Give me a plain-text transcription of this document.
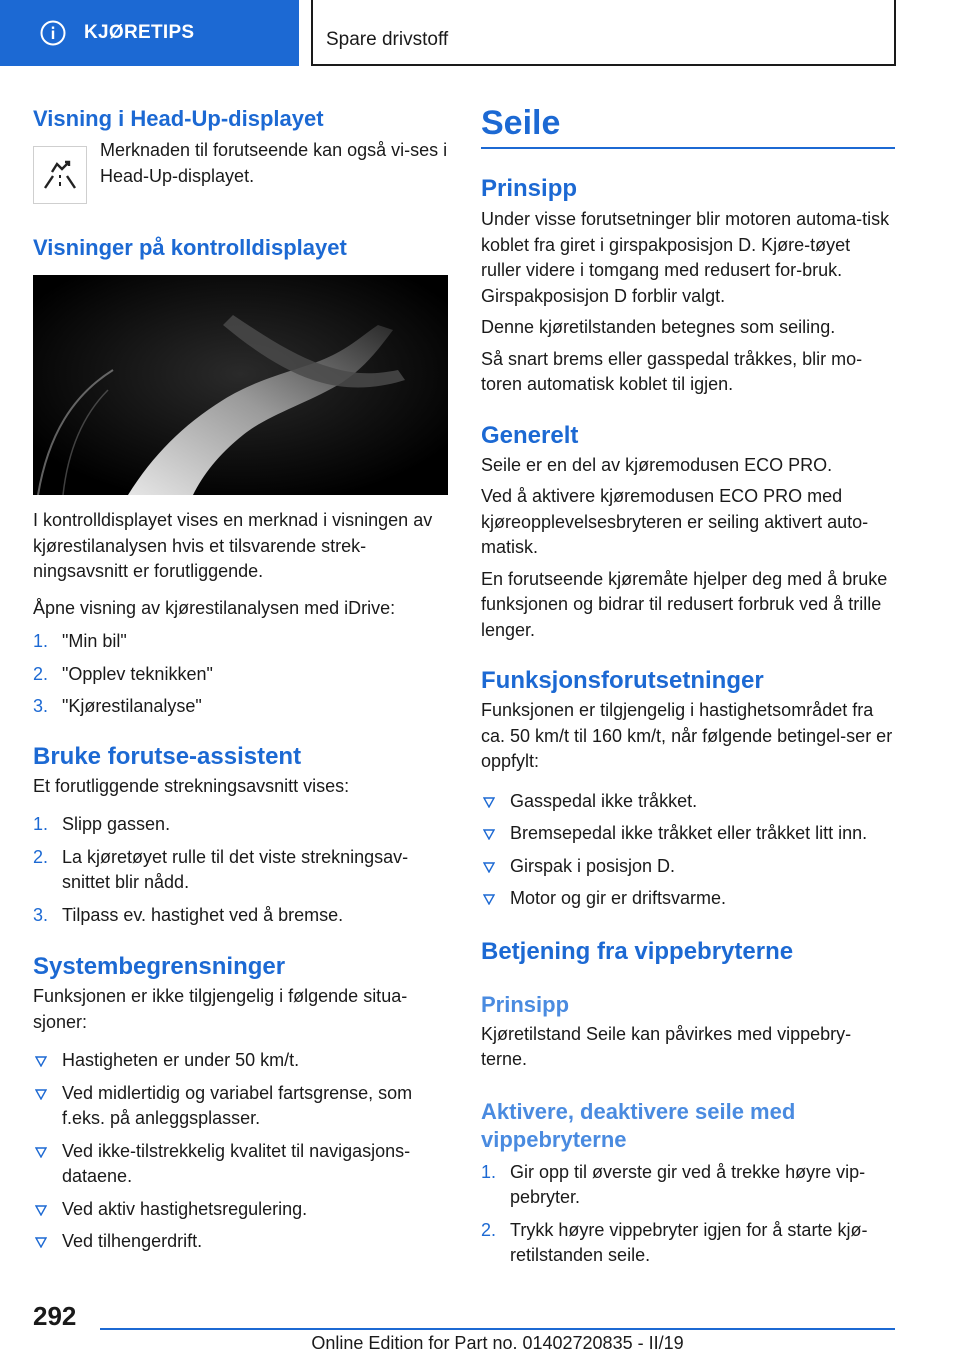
KJØRETIPS	Spare drivstoff
Visning i Head-Up-displayet

Merknaden til forutseende kan også vi-ses i Head-Up-displayet.

Visninger på kontrolldisplayet

I kontrolldisplayet vises en merknad i visningen av kjørestilanalysen hvis et tilsvarende strek-ningsavsnitt er forutliggende.

Åpne visning av kjørestilanalysen med iDrive:

1. "Min bil"
2. "Opplev teknikken"
3. "Kjørestilanalyse"
Bruke forutse-assistent

Et forutliggende strekningsavsnitt vises:

1. Slipp gassen.
2. La kjøretøyet rulle til det viste strekningsav-snittet blir nådd.
3. Tilpass ev. hastighet ved å bremse.
Systembegrensninger

Funksjonen er ikke tilgjengelig i følgende situa-sjoner:

Hastigheten er under 50 km/t.
Ved midlertidig og variabel fartsgrense, som f.eks. på anleggsplasser.
Ved ikke-tilstrekkelig kvalitet til navigasjons-dataene.
Ved aktiv hastighetsregulering.
Ved tilhengerdrift.
Seile
Prinsipp

Under visse forutsetninger blir motoren automa-tisk koblet fra giret i girspakposisjon D. Kjøre-tøyet ruller videre i tomgang med redusert for-bruk. Girspakposisjon D forblir valgt.

Denne kjøretilstanden betegnes som seiling.

Så snart brems eller gasspedal tråkkes, blir mo-toren automatisk koblet til igjen.

Generelt

Seile er en del av kjøremodusen ECO PRO.

Ved å aktivere kjøremodusen ECO PRO med kjøreopplevelsesbryteren er seiling aktivert auto-matisk.

En forutseende kjøremåte hjelper deg med å bruke funksjonen og bidrar til redusert forbruk ved å trille lenger.

Funksjonsforutsetninger

Funksjonen er tilgjengelig i hastighetsområdet fra ca. 50 km/t til 160 km/t, når følgende betingel-ser er oppfylt:

Gasspedal ikke tråkket.
Bremsepedal ikke tråkket eller tråkket litt inn.
Girspak i posisjon D.
Motor og gir er driftsvarme.
Betjening fra vippebryterne
Prinsipp

Kjøretilstand Seile kan påvirkes med vippebry-terne.

Aktivere, deaktivere seile med vippebryterne
1. Gir opp til øverste gir ved å trekke høyre vip-pebryter.
2. Trykk høyre vippebryter igjen for å starte kjø-retilstanden seile.
292
Online Edition for Part no. 01402720835 - II/19
